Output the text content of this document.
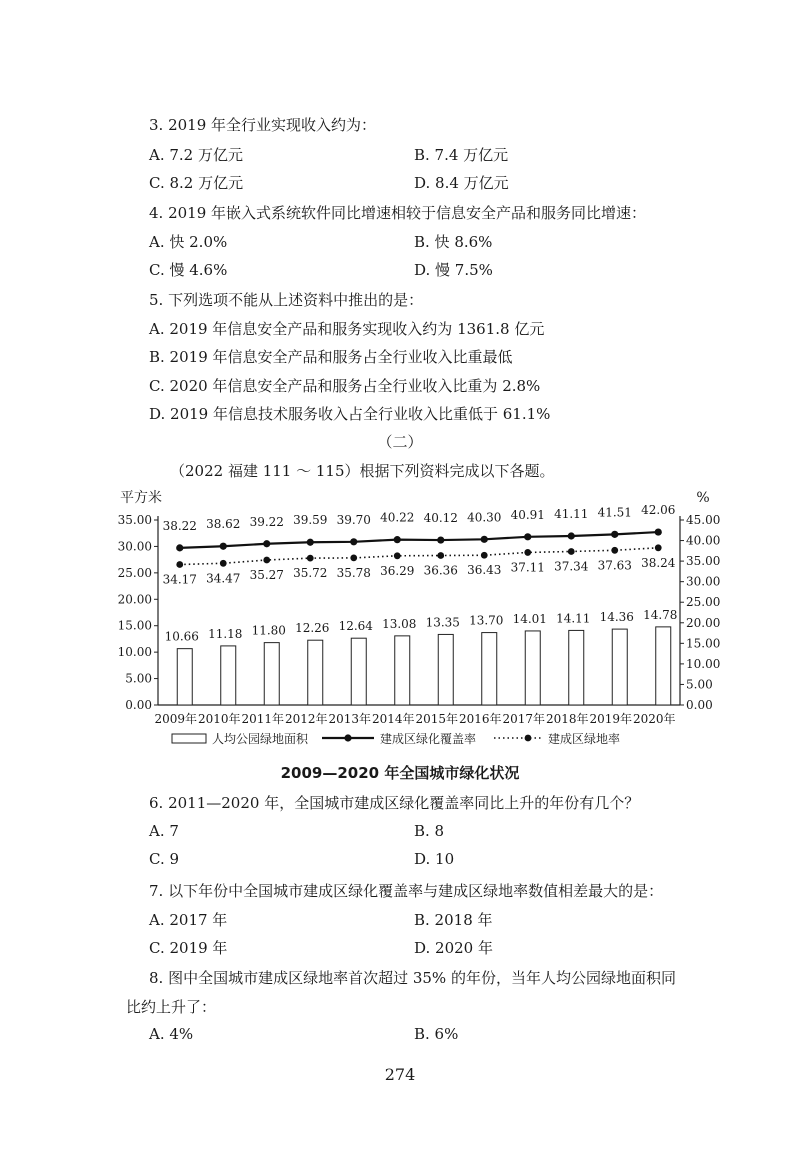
3. 2019 年全行业实现收入约为：
A. 7.2 万亿元	B. 7.4 万亿元
C. 8.2 万亿元	D. 8.4 万亿元
4. 2019 年嵌入式系统软件同比增速相较于信息安全产品和服务同比增速：
A. 快 2.0%	B. 快 8.6%
C. 慢 4.6%	D. 慢 7.5%
5. 下列选项不能从上述资料中推出的是：
A. 2019 年信息安全产品和服务实现收入约为 1361.8 亿元
B. 2019 年信息安全产品和服务占全行业收入比重最低
C. 2020 年信息安全产品和服务占全行业收入比重为 2.8%
D. 2019 年信息技术服务收入占全行业收入比重低于 61.1%
（二）
（2022 福建 111 ～ 115）根据下列资料完成以下各题。
平方米
35.00
30.00
25.00
20.00
15.00
10.00
5.00
0.00
%
45.00
40.00
35.00
30.00
25.00
20.00
15.00
10.00
5.00
0.00
10.66 11.18 11.80 12.26 12.64 13.08 13.35 13.70 14.01 14.11 14.36 14.78
38.22 38.62 39.22 39.59 39.70 40.22 40.12 40.30 40.91 41.11 41.51 42.06
34.17 34.47 35.27 35.72 35.78 36.29 36.36 36.43 37.11 37.34 37.63 38.24
2009年 2010年 2011年 2012年 2013年 2014年 2015年 2016年 2017年 2018年 2019年 2020年
人均公园绿地面积	建成区绿化覆盖率	建成区绿地率
2009—2020 年全国城市绿化状况
6. 2011—2020 年，全国城市建成区绿化覆盖率同比上升的年份有几个？
A. 7	B. 8
C. 9	D. 10
7. 以下年份中全国城市建成区绿化覆盖率与建成区绿地率数值相差最大的是：
A. 2017 年	B. 2018 年
C. 2019 年	D. 2020 年
8. 图中全国城市建成区绿地率首次超过 35% 的年份，当年人均公园绿地面积同
比约上升了：
A. 4%	B. 6%
274
